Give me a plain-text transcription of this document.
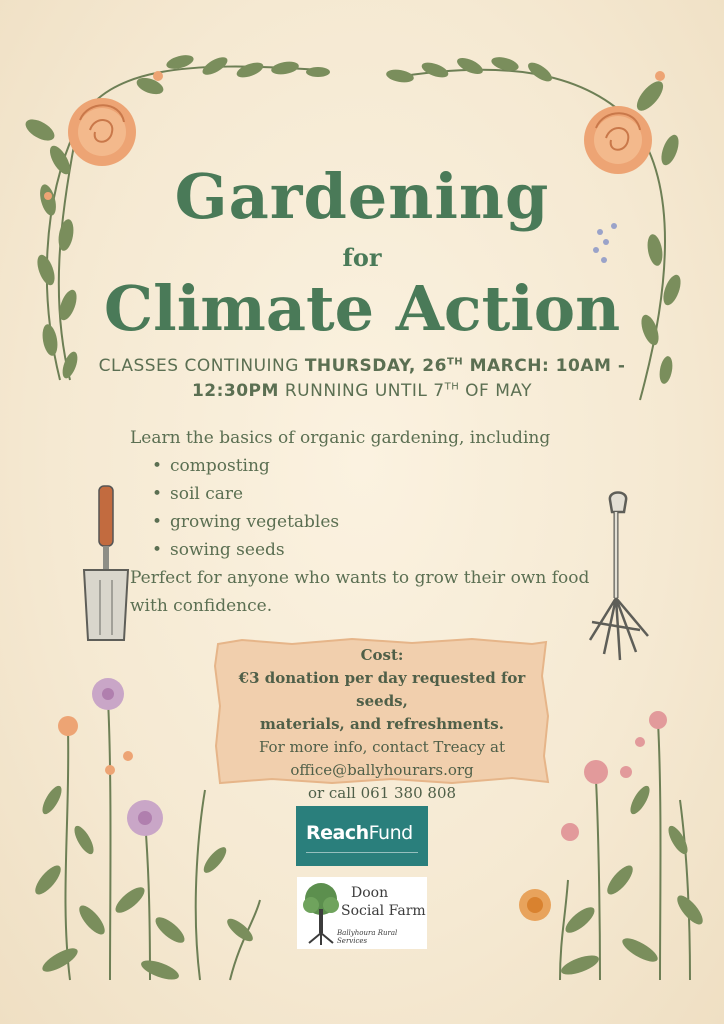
Gardening
for
Climate Action
CLASSES CONTINUING THURSDAY, 26TH MARCH: 10AM -
12:30PM RUNNING UNTIL 7TH OF MAY
Learn the basics of organic gardening, including
• composting
• soil care
• growing vegetables
• sowing seeds
Perfect for anyone who wants to grow their own food with confidence.
Cost:
€3 donation per day requested for seeds,
materials, and refreshments.
For more info, contact Treacy at
office@ballyhourars.org
or call 061 380 808
ReachFund
Doon
Social Farm
Ballyhoura Rural Services
